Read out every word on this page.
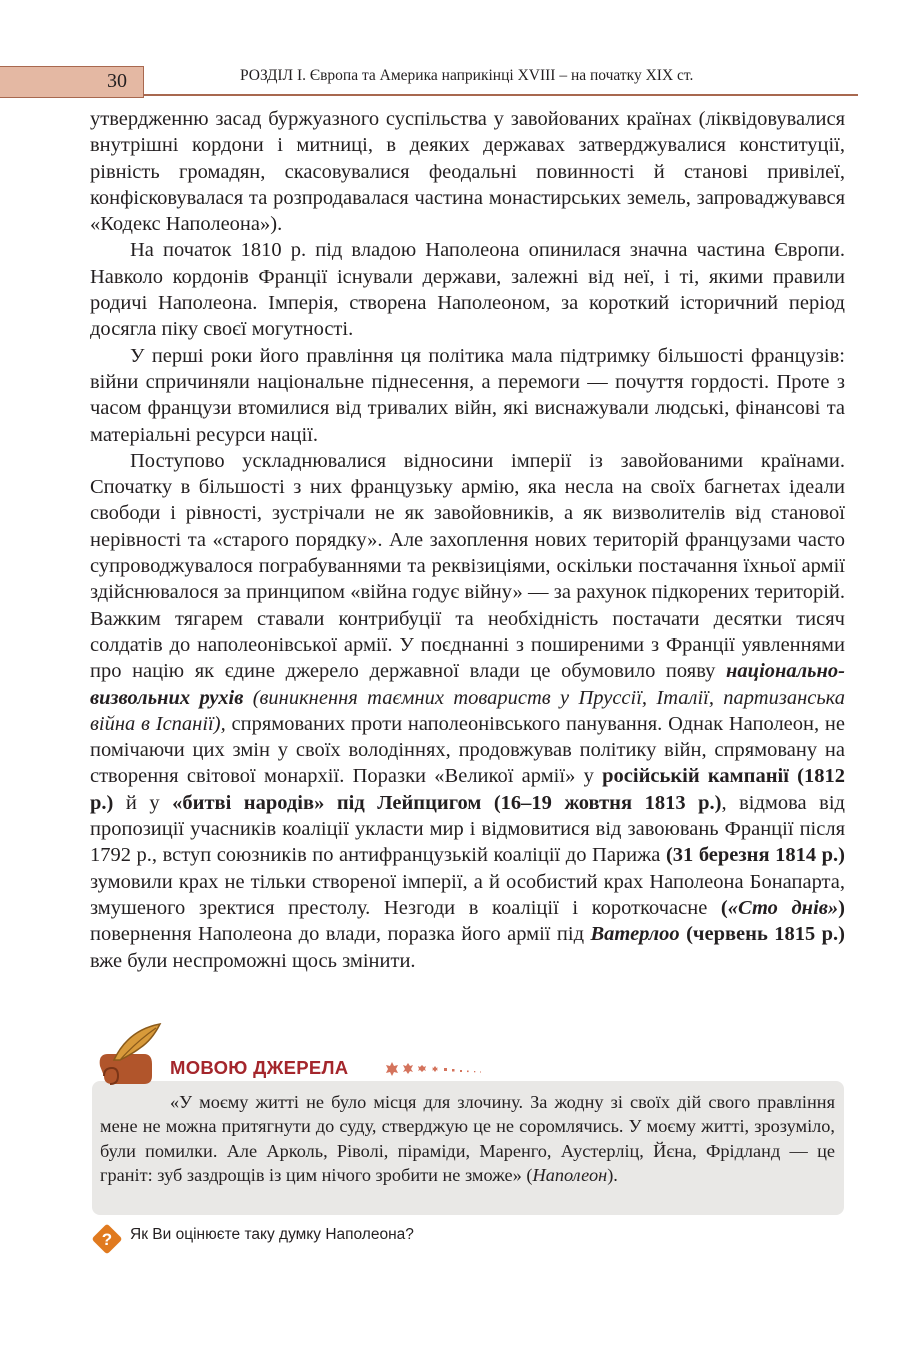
30	РОЗДІЛ І. Європа та Америка наприкінці XVIII – на початку ХІХ ст.

утвердженню засад буржуазного суспільства у завойованих країнах (ліквідовувалися внутрішні кордони і митниці, в деяких державах затверджувалися конституції, рівність громадян, скасовувалися феодальні повинності й станові привілеї, конфісковувалася та розпродавалася частина монастирських земель, запроваджувався «Кодекс Наполеона»).

На початок 1810 р. під владою Наполеона опинилася значна частина Європи. Навколо кордонів Франції існували держави, залежні від неї, і ті, якими правили родичі Наполеона. Імперія, створена Наполеоном, за короткий історичний період досягла піку своєї могутності.

У перші роки його правління ця політика мала підтримку більшості французів: війни спричиняли національне піднесення, а перемоги — почуття гордості. Проте з часом французи втомилися від тривалих війн, які виснажували людські, фінансові та матеріальні ресурси нації.

Поступово ускладнювалися відносини імперії із завойованими країнами. Спочатку в більшості з них французьку армію, яка несла на своїх багнетах ідеали свободи і рівності, зустрічали не як завойовників, а як визволителів від станової нерівності та «старого порядку». Але захоплення нових територій французами часто супроводжувалося пограбуваннями та реквізиціями, оскільки постачання їхньої армії здійснювалося за принципом «війна годує війну» — за рахунок підкорених територій. Важким тягарем ставали контрибуції та необхідність постачати десятки тисяч солдатів до наполеонівської армії. У поєднанні з поширеними з Франції уявленнями про націю як єдине джерело державної влади це обумовило появу національно-визвольних рухів (виникнення таємних товариств у Пруссії, Італії, партизанська війна в Іспанії), спрямованих проти наполеонівського панування. Однак Наполеон, не помічаючи цих змін у своїх володіннях, продовжував політику війн, спрямовану на створення світової монархії. Поразки «Великої армії» у російській кампанії (1812 р.) й у «битві народів» під Лейпцигом (16–19 жовтня 1813 р.), відмова від пропозиції учасників коаліції укласти мир і відмовитися від завоювань Франції після 1792 р., вступ союзників по антифранцузькій коаліції до Парижа (31 березня 1814 р.) зумовили крах не тільки створеної імперії, а й особистий крах Наполеона Бонапарта, змушеного зректися престолу. Незгоди в коаліції і короткочасне («Сто днів») повернення Наполеона до влади, поразка його армії під Ватерлоо (червень 1815 р.) вже були неспроможні щось змінити.

МОВОЮ ДЖЕРЕЛА

«У моєму житті не було місця для злочину. За жодну зі своїх дій свого правління мене не можна притягнути до суду, стверджую це не соромлячись. У моєму житті, зрозуміло, були помилки. Але Арколь, Ріволі, піраміди, Маренго, Аустерліц, Йєна, Фрідланд — це граніт: зуб заздрощів із цим нічого зробити не зможе» (Наполеон).

? Як Ви оцінюєте таку думку Наполеона?
